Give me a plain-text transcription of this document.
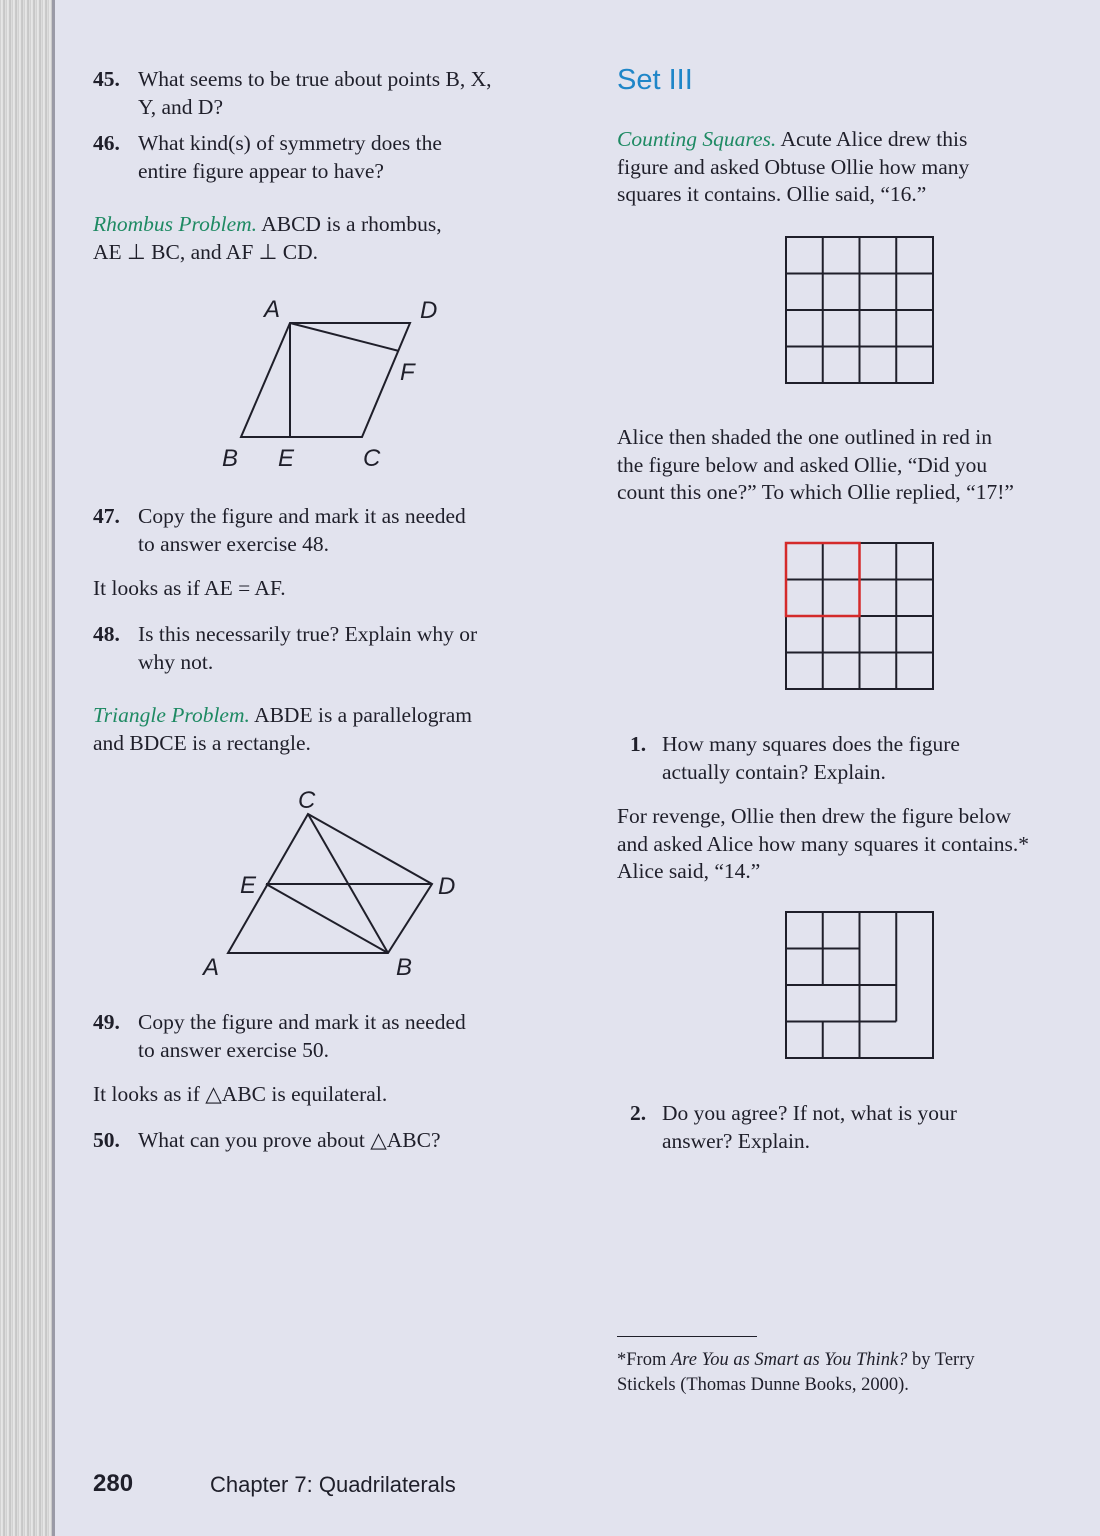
45. What seems to be true about points B, X,
Y, and D?
46. What kind(s) of symmetry does the
entire figure appear to have?
Rhombus Problem. ABCD is a rhombus,
AE ⊥ BC, and AF ⊥ CD.
A	D
F
B E	C
47. Copy the figure and mark it as needed
to answer exercise 48.
It looks as if AE = AF.
48. Is this necessarily true? Explain why or
why not.
Triangle Problem. ABDE is a parallelogram
and BDCE is a rectangle.
C
E	D
A	B
49. Copy the figure and mark it as needed
to answer exercise 50.
It looks as if △ABC is equilateral.
50. What can you prove about △ABC?
Set III
Counting Squares. Acute Alice drew this
figure and asked Obtuse Ollie how many
squares it contains. Ollie said, “16.”
Alice then shaded the one outlined in red in
the figure below and asked Ollie, “Did you
count this one?” To which Ollie replied, “17!”
1. How many squares does the figure
actually contain? Explain.
For revenge, Ollie then drew the figure below
and asked Alice how many squares it contains.*
Alice said, “14.”
2. Do you agree? If not, what is your
answer? Explain.
*From Are You as Smart as You Think? by Terry
Stickels (Thomas Dunne Books, 2000).
280	Chapter 7: Quadrilaterals
